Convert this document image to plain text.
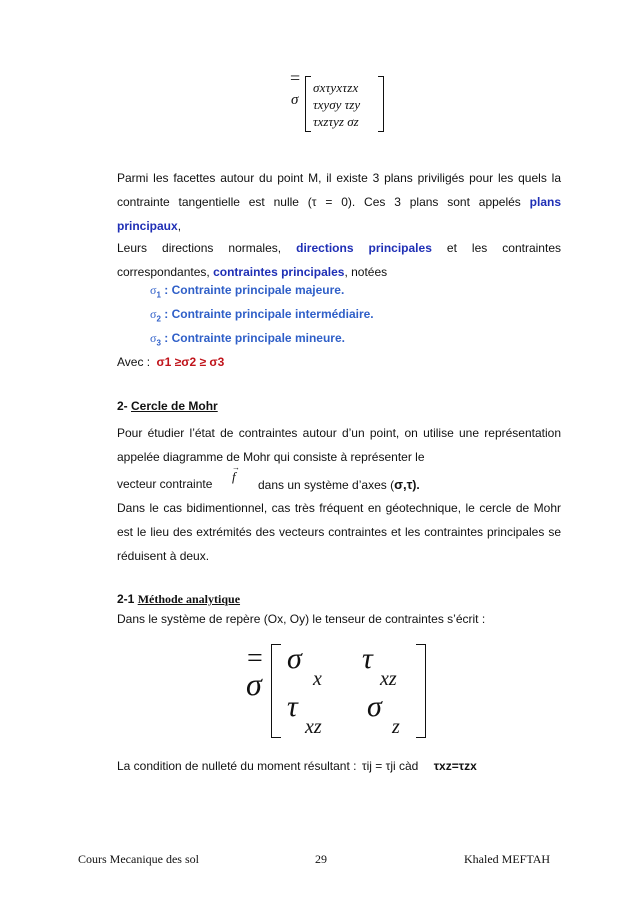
=
σ
σxτyxτzx
τxyσy τzy
τxzτyz σz
Parmi les facettes autour du point M, il existe 3 plans priviligés pour les quels la contrainte tangentielle est nulle (τ = 0). Ces 3 plans sont appelés plans principaux,
Leurs directions normales, directions principales et les contraintes correspondantes, contraintes principales, notées
$\sigma_1$ : Contrainte principale majeure.
$\sigma_2$ : Contrainte principale intermédiaire.
$\sigma_3$ : Contrainte principale mineure.
Avec : σ1 ≥σ2 ≥ σ3
2- Cercle de Mohr
Pour étudier l’état de contraintes autour d’un point, on utilise une représentation appelée diagramme de Mohr qui consiste à représenter le
vecteur contrainte
→
f
dans un système d’axes (σ,τ).
Dans le cas bidimentionnel, cas très fréquent en géotechnique, le cercle de Mohr est le lieu des extrémités des vecteurs contraintes et les contraintes principales se réduisent à deux.
2-1 Méthode analytique
Dans le système de repère (Ox, Oy) le tenseur de contraintes s’écrit :
=
σ
σ
x
τ
xz
τ
xz
σ
z
La condition de nulleté du moment résultant : τij = τji càd τxz=τzx
Cours Mecanique des sol	29	Khaled MEFTAH
